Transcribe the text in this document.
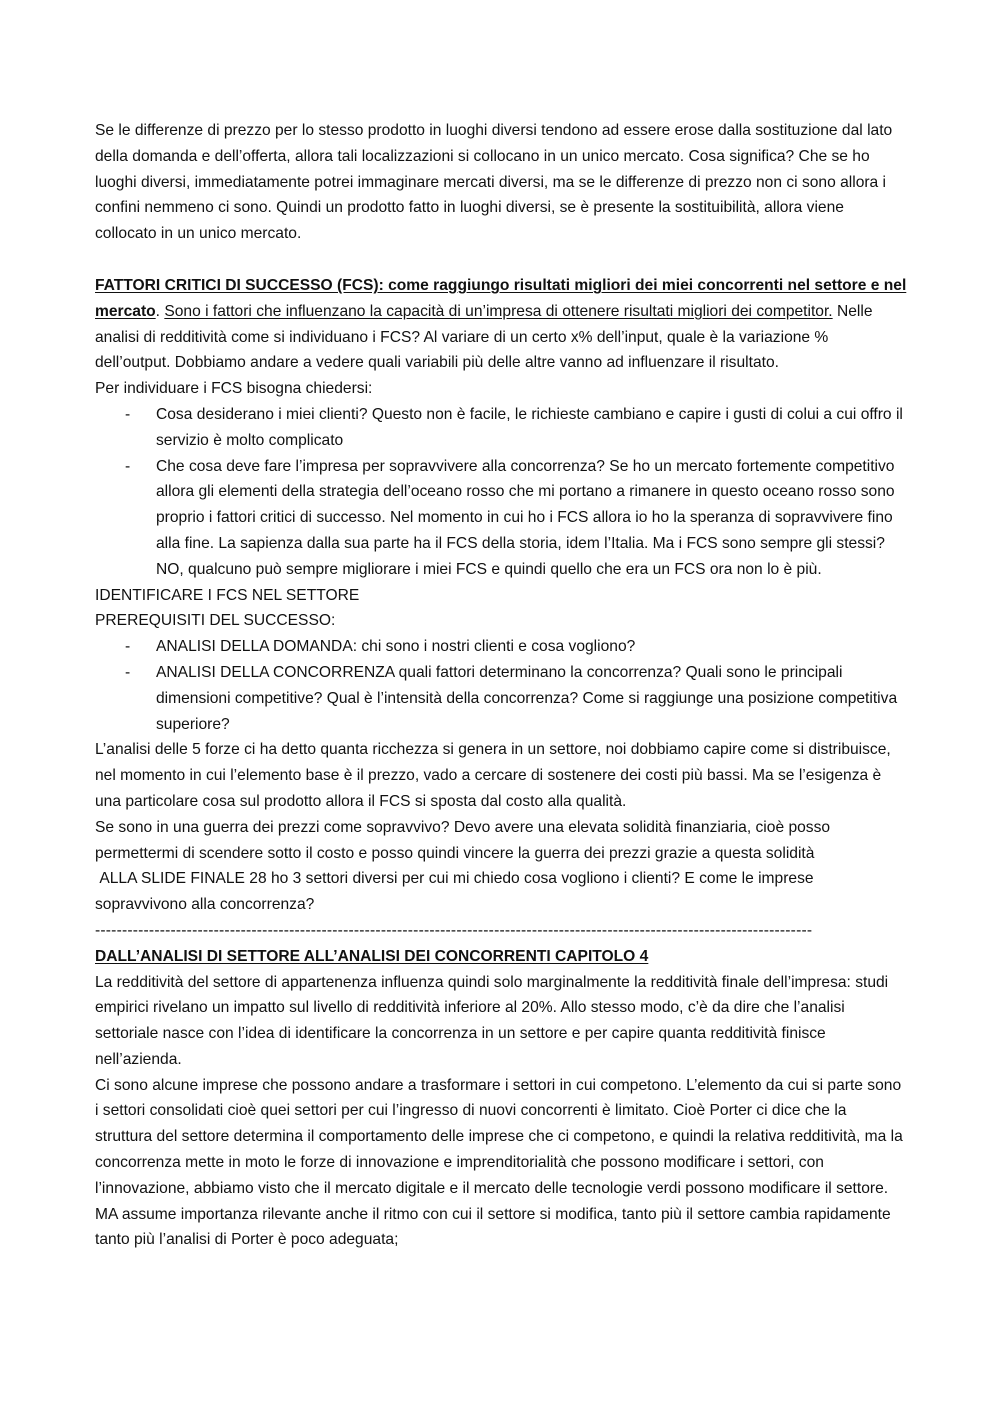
Se le differenze di prezzo per lo stesso prodotto in luoghi diversi tendono ad essere erose dalla sostituzione dal lato della domanda e dell’offerta, allora tali localizzazioni si collocano in un unico mercato. Cosa significa? Che se ho luoghi diversi, immediatamente potrei immaginare mercati diversi, ma se le differenze di prezzo non ci sono allora i confini nemmeno ci sono. Quindi un prodotto fatto in luoghi diversi, se è presente la sostituibilità, allora viene collocato in un unico mercato.

FATTORI CRITICI DI SUCCESSO (FCS): come raggiungo risultati migliori dei miei concorrenti nel settore e nel mercato. Sono i fattori che influenzano la capacità di un’impresa di ottenere risultati migliori dei competitor. Nelle analisi di redditività come si individuano i FCS? Al variare di un certo x% dell’input, quale è la variazione % dell’output. Dobbiamo andare a vedere quali variabili più delle altre vanno ad influenzare il risultato.

Per individuare i FCS bisogna chiedersi:

- Cosa desiderano i miei clienti? Questo non è facile, le richieste cambiano e capire i gusti di colui a cui offro il servizio è molto complicato
- Che cosa deve fare l’impresa per sopravvivere alla concorrenza? Se ho un mercato fortemente competitivo allora gli elementi della strategia dell’oceano rosso che mi portano a rimanere in questo oceano rosso sono proprio i fattori critici di successo. Nel momento in cui ho i FCS allora io ho la speranza di sopravvivere fino alla fine. La sapienza dalla sua parte ha il FCS della storia, idem l’Italia. Ma i FCS sono sempre gli stessi? NO, qualcuno può sempre migliorare i miei FCS e quindi quello che era un FCS ora non lo è più.

IDENTIFICARE I FCS NEL SETTORE

PREREQUISITI DEL SUCCESSO:

- ANALISI DELLA DOMANDA: chi sono i nostri clienti e cosa vogliono?
- ANALISI DELLA CONCORRENZA quali fattori determinano la concorrenza? Quali sono le principali dimensioni competitive? Qual è l’intensità della concorrenza? Come si raggiunge una posizione competitiva superiore?

L’analisi delle 5 forze ci ha detto quanta ricchezza si genera in un settore, noi dobbiamo capire come si distribuisce, nel momento in cui l’elemento base è il prezzo, vado a cercare di sostenere dei costi più bassi. Ma se l’esigenza è una particolare cosa sul prodotto allora il FCS si sposta dal costo alla qualità.

Se sono in una guerra dei prezzi come sopravvivo? Devo avere una elevata solidità finanziaria, cioè posso permettermi di scendere sotto il costo e posso quindi vincere la guerra dei prezzi grazie a questa solidità

ALLA SLIDE FINALE 28 ho 3 settori diversi per cui mi chiedo cosa vogliono i clienti? E come le imprese sopravvivono alla concorrenza?

-------------------------------------------------------------------------------------------------------------------------------------

DALL’ANALISI DI SETTORE ALL’ANALISI DEI CONCORRENTI CAPITOLO 4

La redditività del settore di appartenenza influenza quindi solo marginalmente la redditività finale dell’impresa: studi empirici rivelano un impatto sul livello di redditività inferiore al 20%. Allo stesso modo, c’è da dire che l’analisi settoriale nasce con l’idea di identificare la concorrenza in un settore e per capire quanta redditività finisce nell’azienda.

Ci sono alcune imprese che possono andare a trasformare i settori in cui competono. L’elemento da cui si parte sono i settori consolidati cioè quei settori per cui l’ingresso di nuovi concorrenti è limitato. Cioè Porter ci dice che la struttura del settore determina il comportamento delle imprese che ci competono, e quindi la relativa redditività, ma la concorrenza mette in moto le forze di innovazione e imprenditorialità che possono modificare i settori, con l’innovazione, abbiamo visto che il mercato digitale e il mercato delle tecnologie verdi possono modificare il settore. MA assume importanza rilevante anche il ritmo con cui il settore si modifica, tanto più il settore cambia rapidamente tanto più l’analisi di Porter è poco adeguata;
